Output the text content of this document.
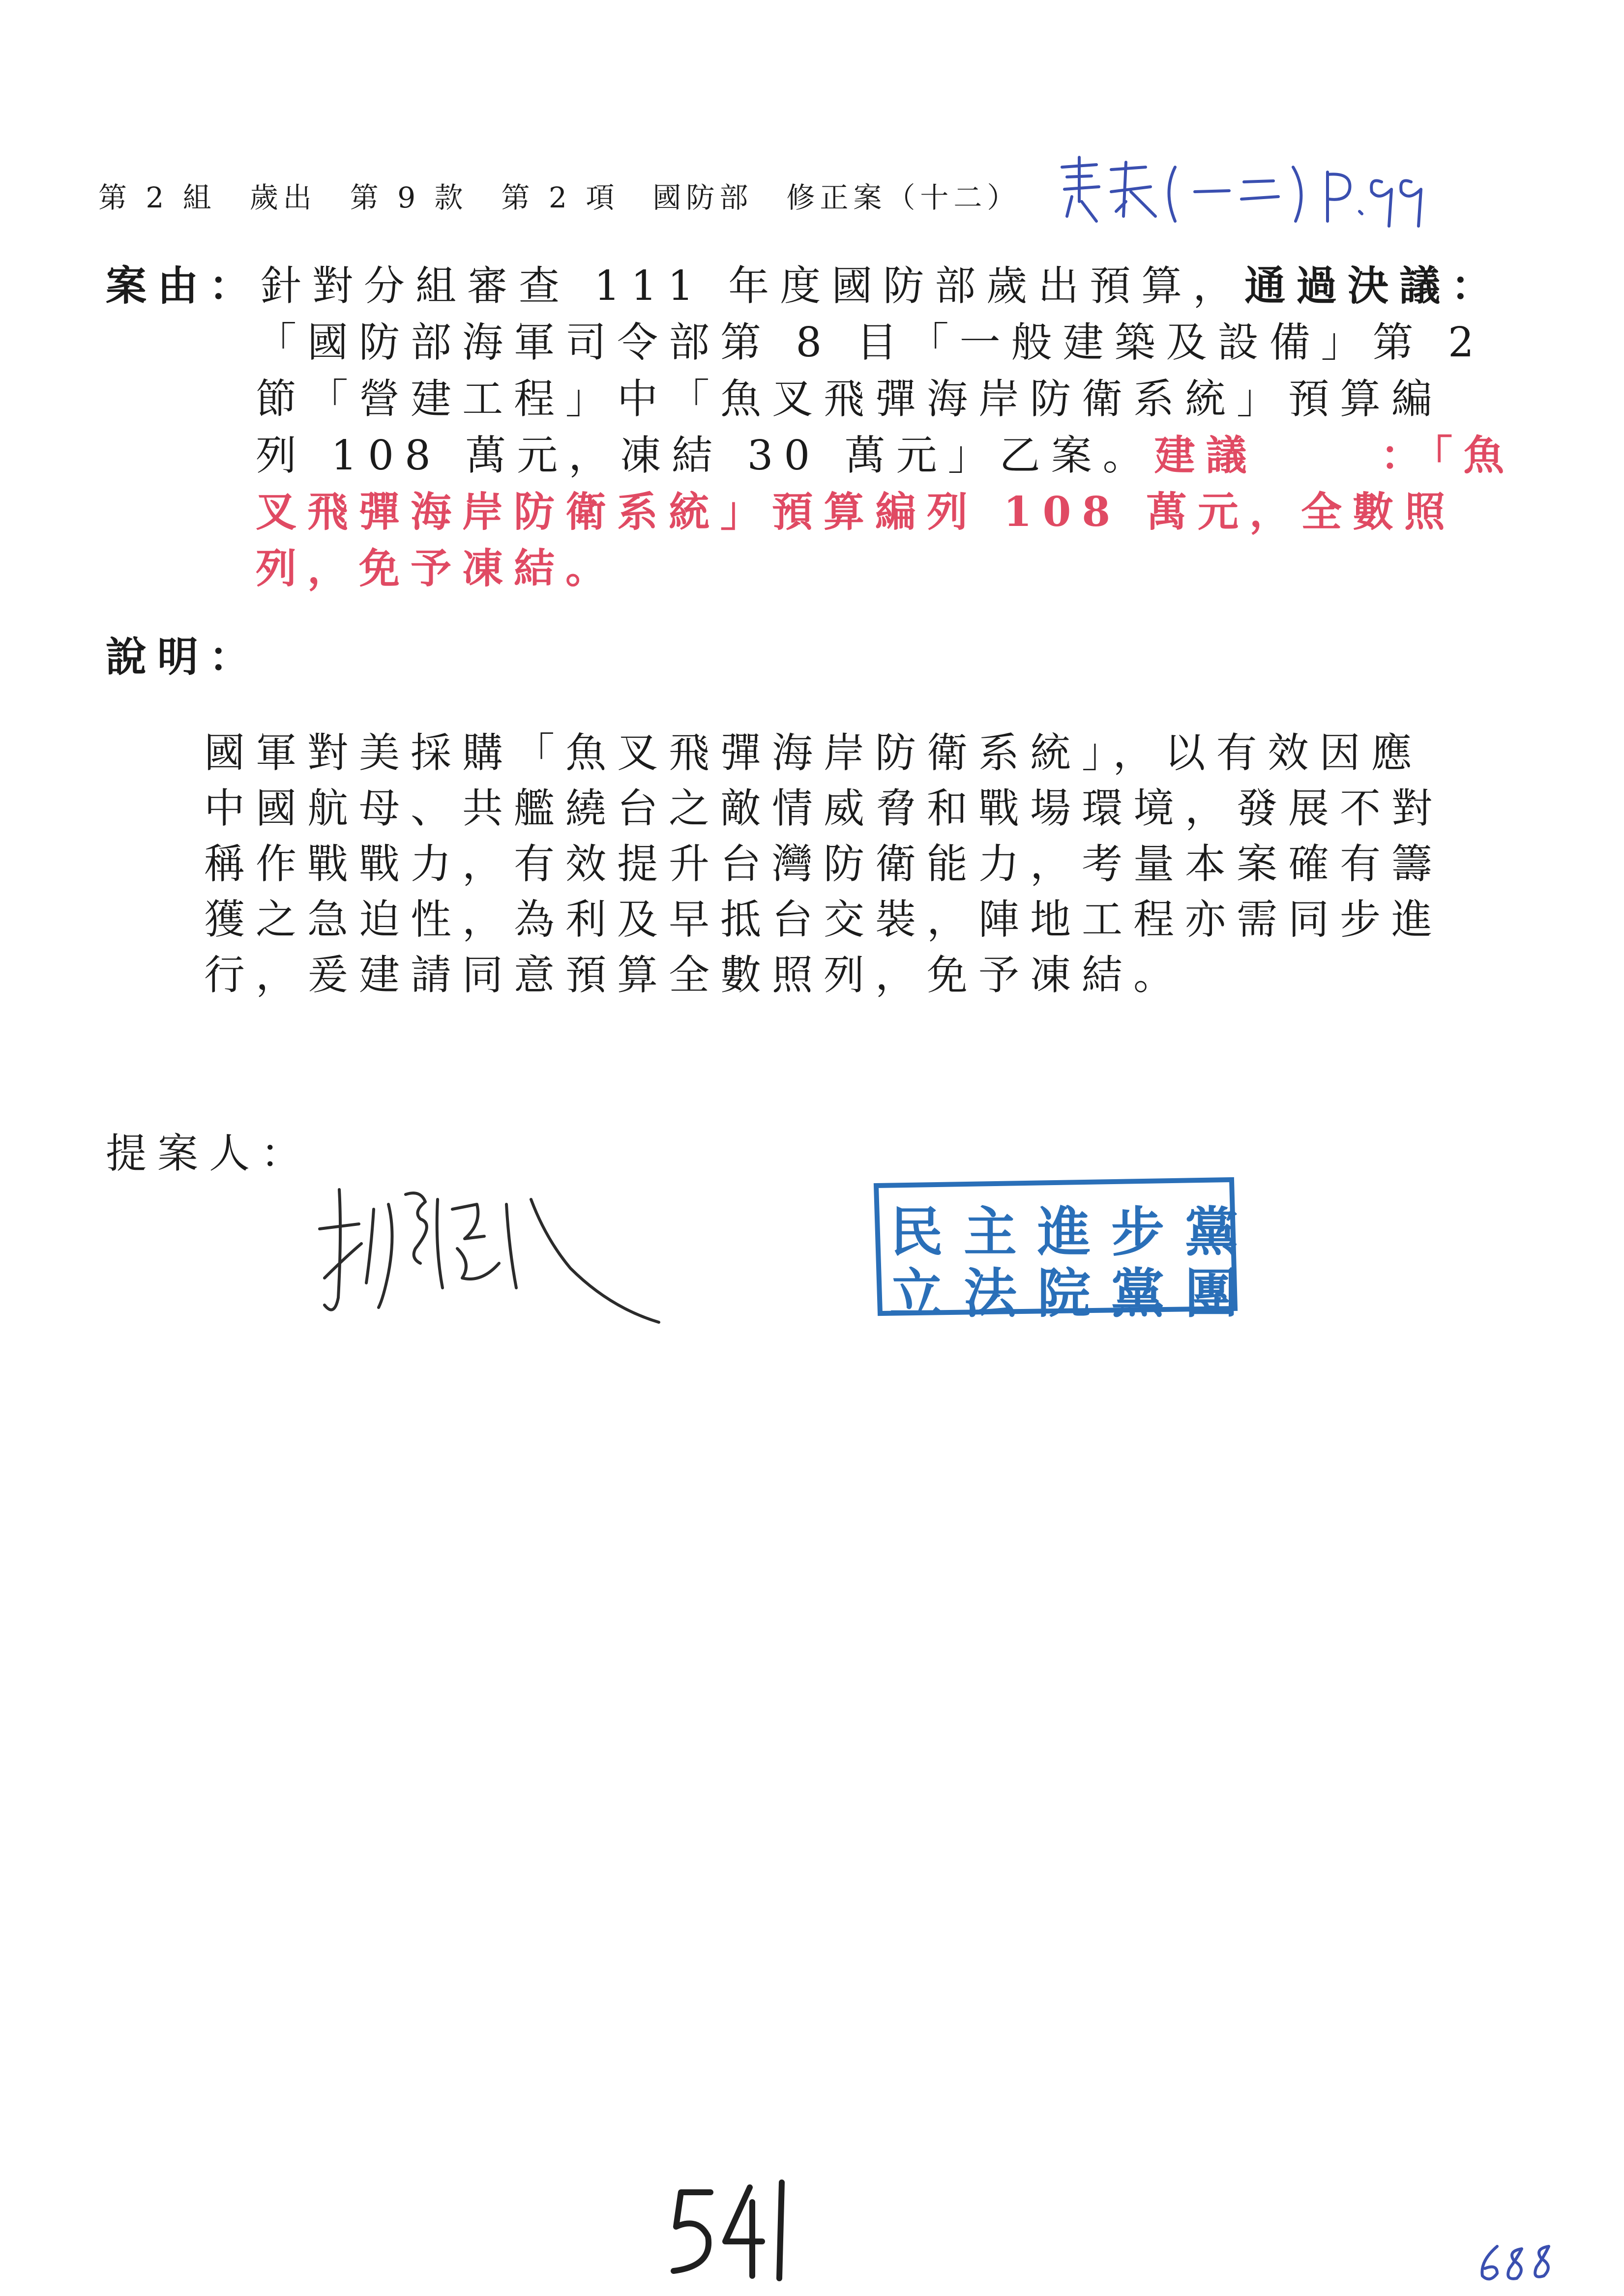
第 2 組　歲出　第 9 款　第 2 項　國防部　修正案（十二）
案由：針對分組審查 111 年度國防部歲出預算，通過決議：
「國防部海軍司令部第 8 目「一般建築及設備」第 2
節「營建工程」中「魚叉飛彈海岸防衛系統」預算編
列 108 萬元，凍結 30 萬元」乙案。建議	：「魚
叉飛彈海岸防衛系統」預算編列 108 萬元，全數照
列，免予凍結。
說明：
國軍對美採購「魚叉飛彈海岸防衛系統」，以有效因應
中國航母、共艦繞台之敵情威脅和戰場環境，發展不對
稱作戰戰力，有效提升台灣防衛能力，考量本案確有籌
獲之急迫性，為利及早抵台交裝，陣地工程亦需同步進
行，爰建請同意預算全數照列，免予凍結。
提案人：
民主進步黨
立法院黨團
